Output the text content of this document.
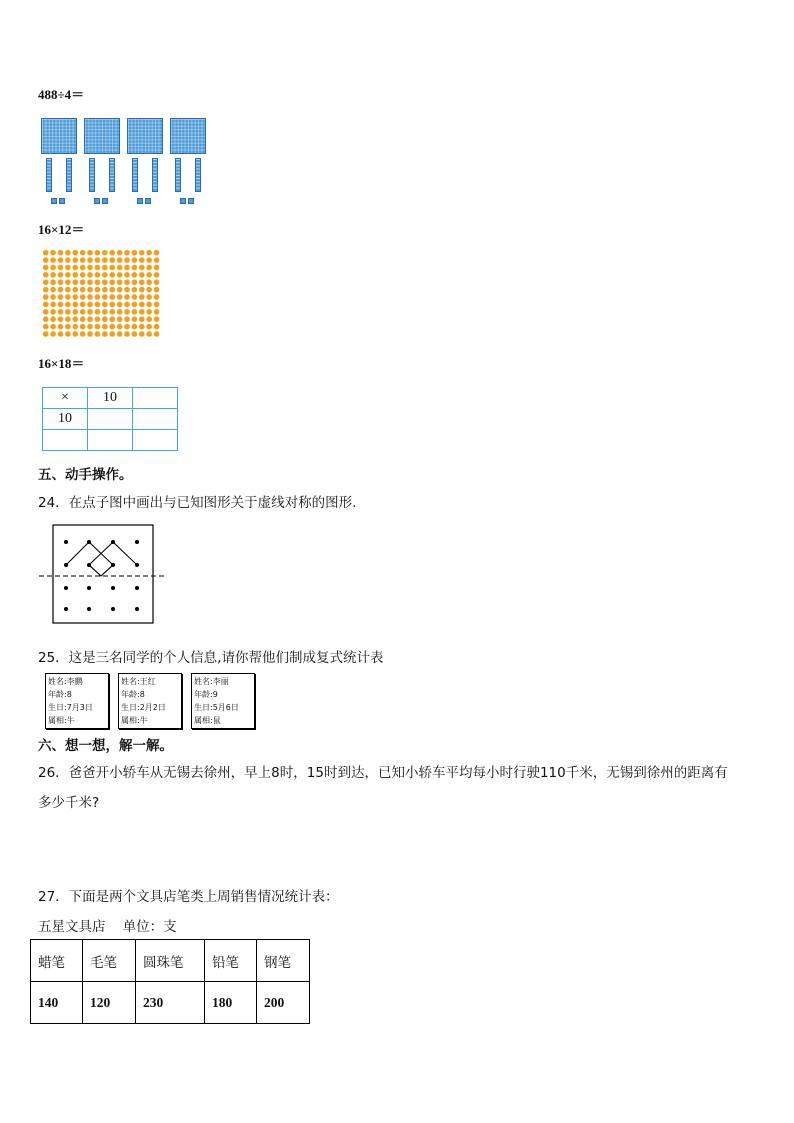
488÷4＝
16×12＝
16×18＝
×	10	
10		

五、动手操作。
24．在点子图中画出与已知图形关于虚线对称的图形.
25．这是三名同学的个人信息,请你帮他们制成复式统计表
姓名:李鹏
年龄:8
生日:7月3日
属相:牛
姓名:王红
年龄:8
生日:2月2日
属相:牛
姓名:李丽
年龄:9
生日:5月6日
属相:鼠
六、想一想，解一解。
26．爸爸开小轿车从无锡去徐州，早上8时，15时到达，已知小轿车平均每小时行驶110千米，无锡到徐州的距离有
多少千米?
27．下面是两个文具店笔类上周销售情况统计表：
五星文具店    单位：支
蜡笔	毛笔	圆珠笔	铅笔	钢笔
140	120	230	180	200
